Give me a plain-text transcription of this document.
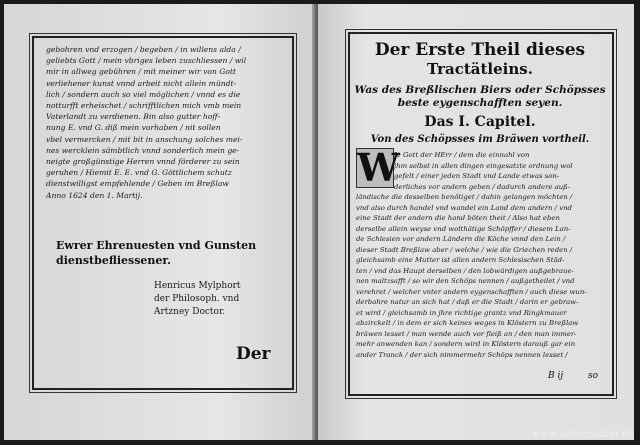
gebohren vnd erzogen / begeben / in willens alda /
geliebts Gott / mein vbriges leben zuschliessen / wil
mir in allweg gebühren / mit meiner wir von Gott
verliehener kunst vnnd arbeit nicht allein mündt-
lich / sondern auch so viel möglichen / vnnd es die
notturfft erheischet / schrifftlichen mich vmb mein
Vaterlandt zu verdienen. Bin also gutter hoff-
nung E. vnd G. diß mein vorhaben / nit sollen
vbel vermercken / mit bit in anschung solches mei-
nes wercklein sämbtlich vnnd sonderlich mein ge-
neigte großgünstige Herren vnnd förderer zu sein
geruhen / Hiemit E. E. vnd G. Göttlichem schutz
dienstwilligst empfehlende / Geben im Breßlaw
Anno 1624 den 1. Martij.
Ewrer Ehrenuesten vnd Gunsten
dienstbefliessener.
Henricus Mylphort
der Philosoph. vnd
Artzney Doctor.
Der
Der Erste Theil dieses
Tractätleins.
Was des Breßlischen Biers oder Schöpsses beste eygenschafften seyen.
Das I. Capitel.
Von des Schöpsses im Bräwen vortheil.
W
Je Gott der HErr / dem die einnahl von
jhm selbst in allen dingen eingesatzte ordnung wol
gefelt / einer jeden Stadt vnd Lande etwas son-
derliches vor andern geben / dadurch andere auß-
ländische die desselben benötiget / dahin gelangen möchten /
vnd also durch handel vnd wandel ein Land dem andern / vnd
eine Stadt der andern die hand böten theit / Also hat eben
derselbe allein weyse vnd wolthätige Schöpffer / diesem Lan-
de Schlesien vor andern Ländern die Köche vnnd den Lein /
dieser Stadt Breßlaw aber / welche / wie die Griechen reden /
gleichsamb eine Mutter ist allen andern Schlesischen Städ-
ten / vnd das Haupt derselben / den lobwürdigen außgebraue-
nen maltzsafft / so wir den Schöps nennen / außgetheilet / vnd
verehret / welcher vnter andern eygenschafften / auch diese wun-
derbahre natur an sich hat / daß er die Stadt / darin er gebraw-
et wird / gleichsamb in jhre richtige grantz vnd Ringkmauer
abzirckelt / in dem er sich keines weges in Klöstern zu Breßlaw
bräwen lesset / man wende auch vor fleiß an / den man immer-
mehr anwenden kan / sondern wird in Klöstern darauß gar ein
ander Tranck / der sich nimmermehr Schöps nennen lesset /
B ij	so
www.schoepsbier.de
